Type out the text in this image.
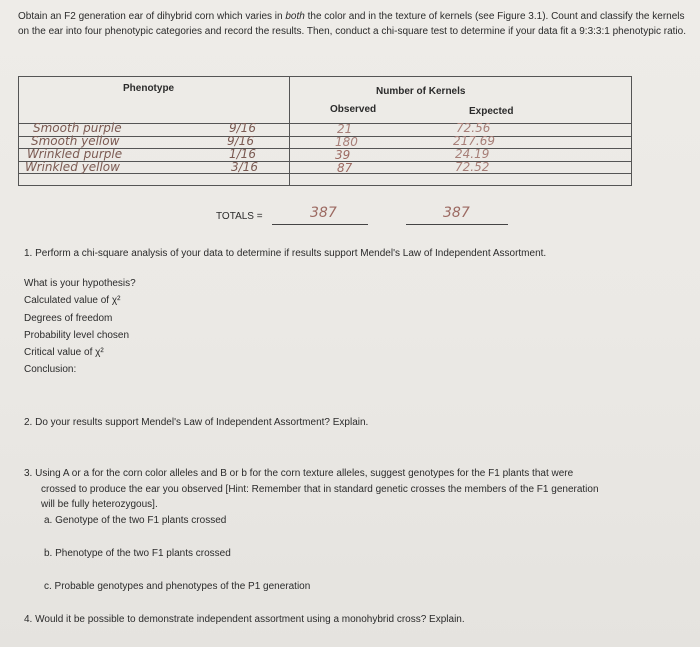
Obtain an F2 generation ear of dihybrid corn which varies in both the color and in the texture of kernels (see Figure 3.1). Count and classify the kernels on the ear into four phenotypic categories and record the results. Then, conduct a chi-square test to determine if your data fit a 9:3:3:1 phenotypic ratio.
Phenotype	Number of Kernels
Observed	Expected
Smooth purple	9/16	21	72.56
Smooth yellow	9/16	180	217.69
Wrinkled purple	1/16	39	24.19
Wrinkled yellow	3/16	87	72.52
TOTALS =	387	387
1. Perform a chi-square analysis of your data to determine if results support Mendel's Law of Independent Assortment.
What is your hypothesis?
Calculated value of χ²
Degrees of freedom
Probability level chosen
Critical value of χ²
Conclusion:
2. Do your results support Mendel's Law of Independent Assortment? Explain.
3. Using A or a for the corn color alleles and B or b for the corn texture alleles, suggest genotypes for the F1 plants that were
crossed to produce the ear you observed [Hint: Remember that in standard genetic crosses the members of the F1 generation
will be fully heterozygous].
a. Genotype of the two F1 plants crossed
b. Phenotype of the two F1 plants crossed
c. Probable genotypes and phenotypes of the P1 generation
4. Would it be possible to demonstrate independent assortment using a monohybrid cross? Explain.
